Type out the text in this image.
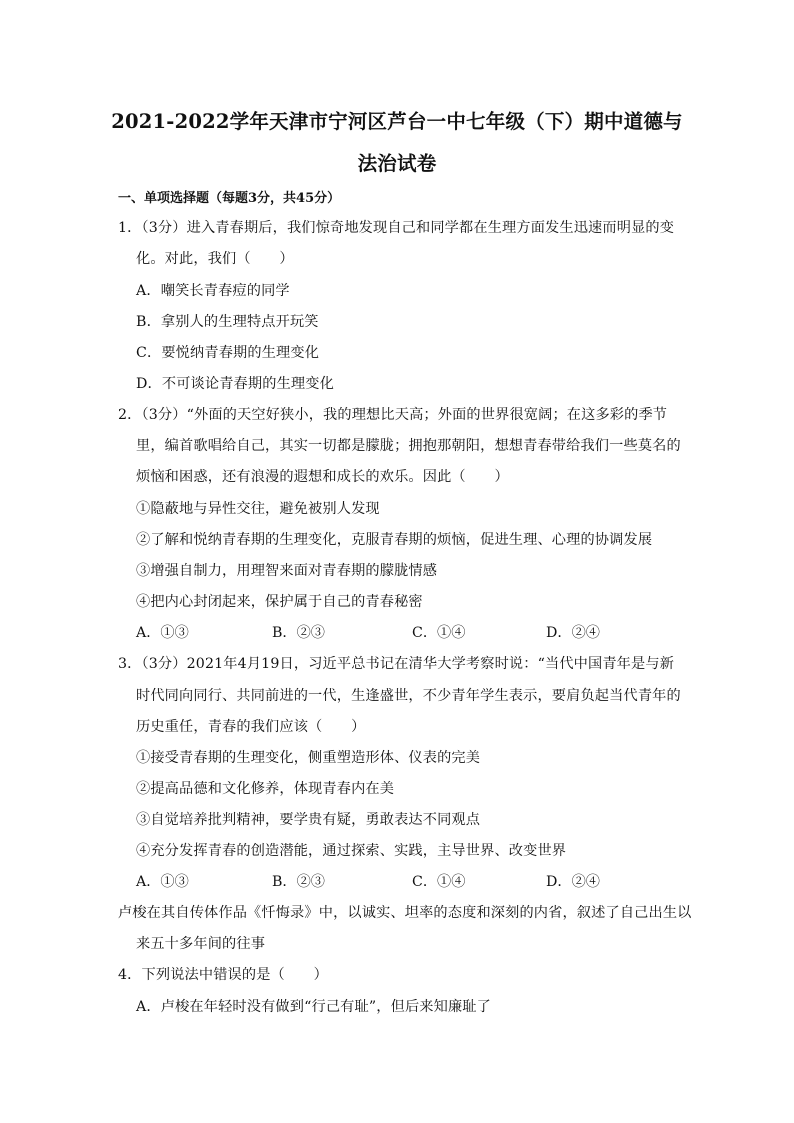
2021-2022学年天津市宁河区芦台一中七年级（下）期中道德与
法治试卷
一、单项选择题（每题3分，共45分）
1．（3分）进入青春期后，我们惊奇地发现自己和同学都在生理方面发生迅速而明显的变
化。对此，我们（　　）
A．嘲笑长青春痘的同学
B．拿别人的生理特点开玩笑
C．要悦纳青春期的生理变化
D．不可谈论青春期的生理变化
2．（3分）“外面的天空好狭小，我的理想比天高；外面的世界很宽阔；在这多彩的季节
里，编首歌唱给自己，其实一切都是朦胧；拥抱那朝阳，想想青春带给我们一些莫名的
烦恼和困惑，还有浪漫的遐想和成长的欢乐。因此（　　）
①隐蔽地与异性交往，避免被别人发现
②了解和悦纳青春期的生理变化，克服青春期的烦恼，促进生理、心理的协调发展
③增强自制力，用理智来面对青春期的朦胧情感
④把内心封闭起来，保护属于自己的青春秘密
A．①③	B．②③	C．①④	D．②④
3．（3分）2021年4月19日，习近平总书记在清华大学考察时说：“当代中国青年是与新
时代同向同行、共同前进的一代，生逢盛世，不少青年学生表示，要肩负起当代青年的
历史重任，青春的我们应该（　　）
①接受青春期的生理变化，侧重塑造形体、仪表的完美
②提高品德和文化修养，体现青春内在美
③自觉培养批判精神，要学贵有疑，勇敢表达不同观点
④充分发挥青春的创造潜能，通过探索、实践，主导世界、改变世界
A．①③	B．②③	C．①④	D．②④
卢梭在其自传体作品《忏悔录》中，以诚实、坦率的态度和深刻的内省，叙述了自己出生以
来五十多年间的往事
4．下列说法中错误的是（　　）
A．卢梭在年轻时没有做到“行己有耻”，但后来知廉耻了
